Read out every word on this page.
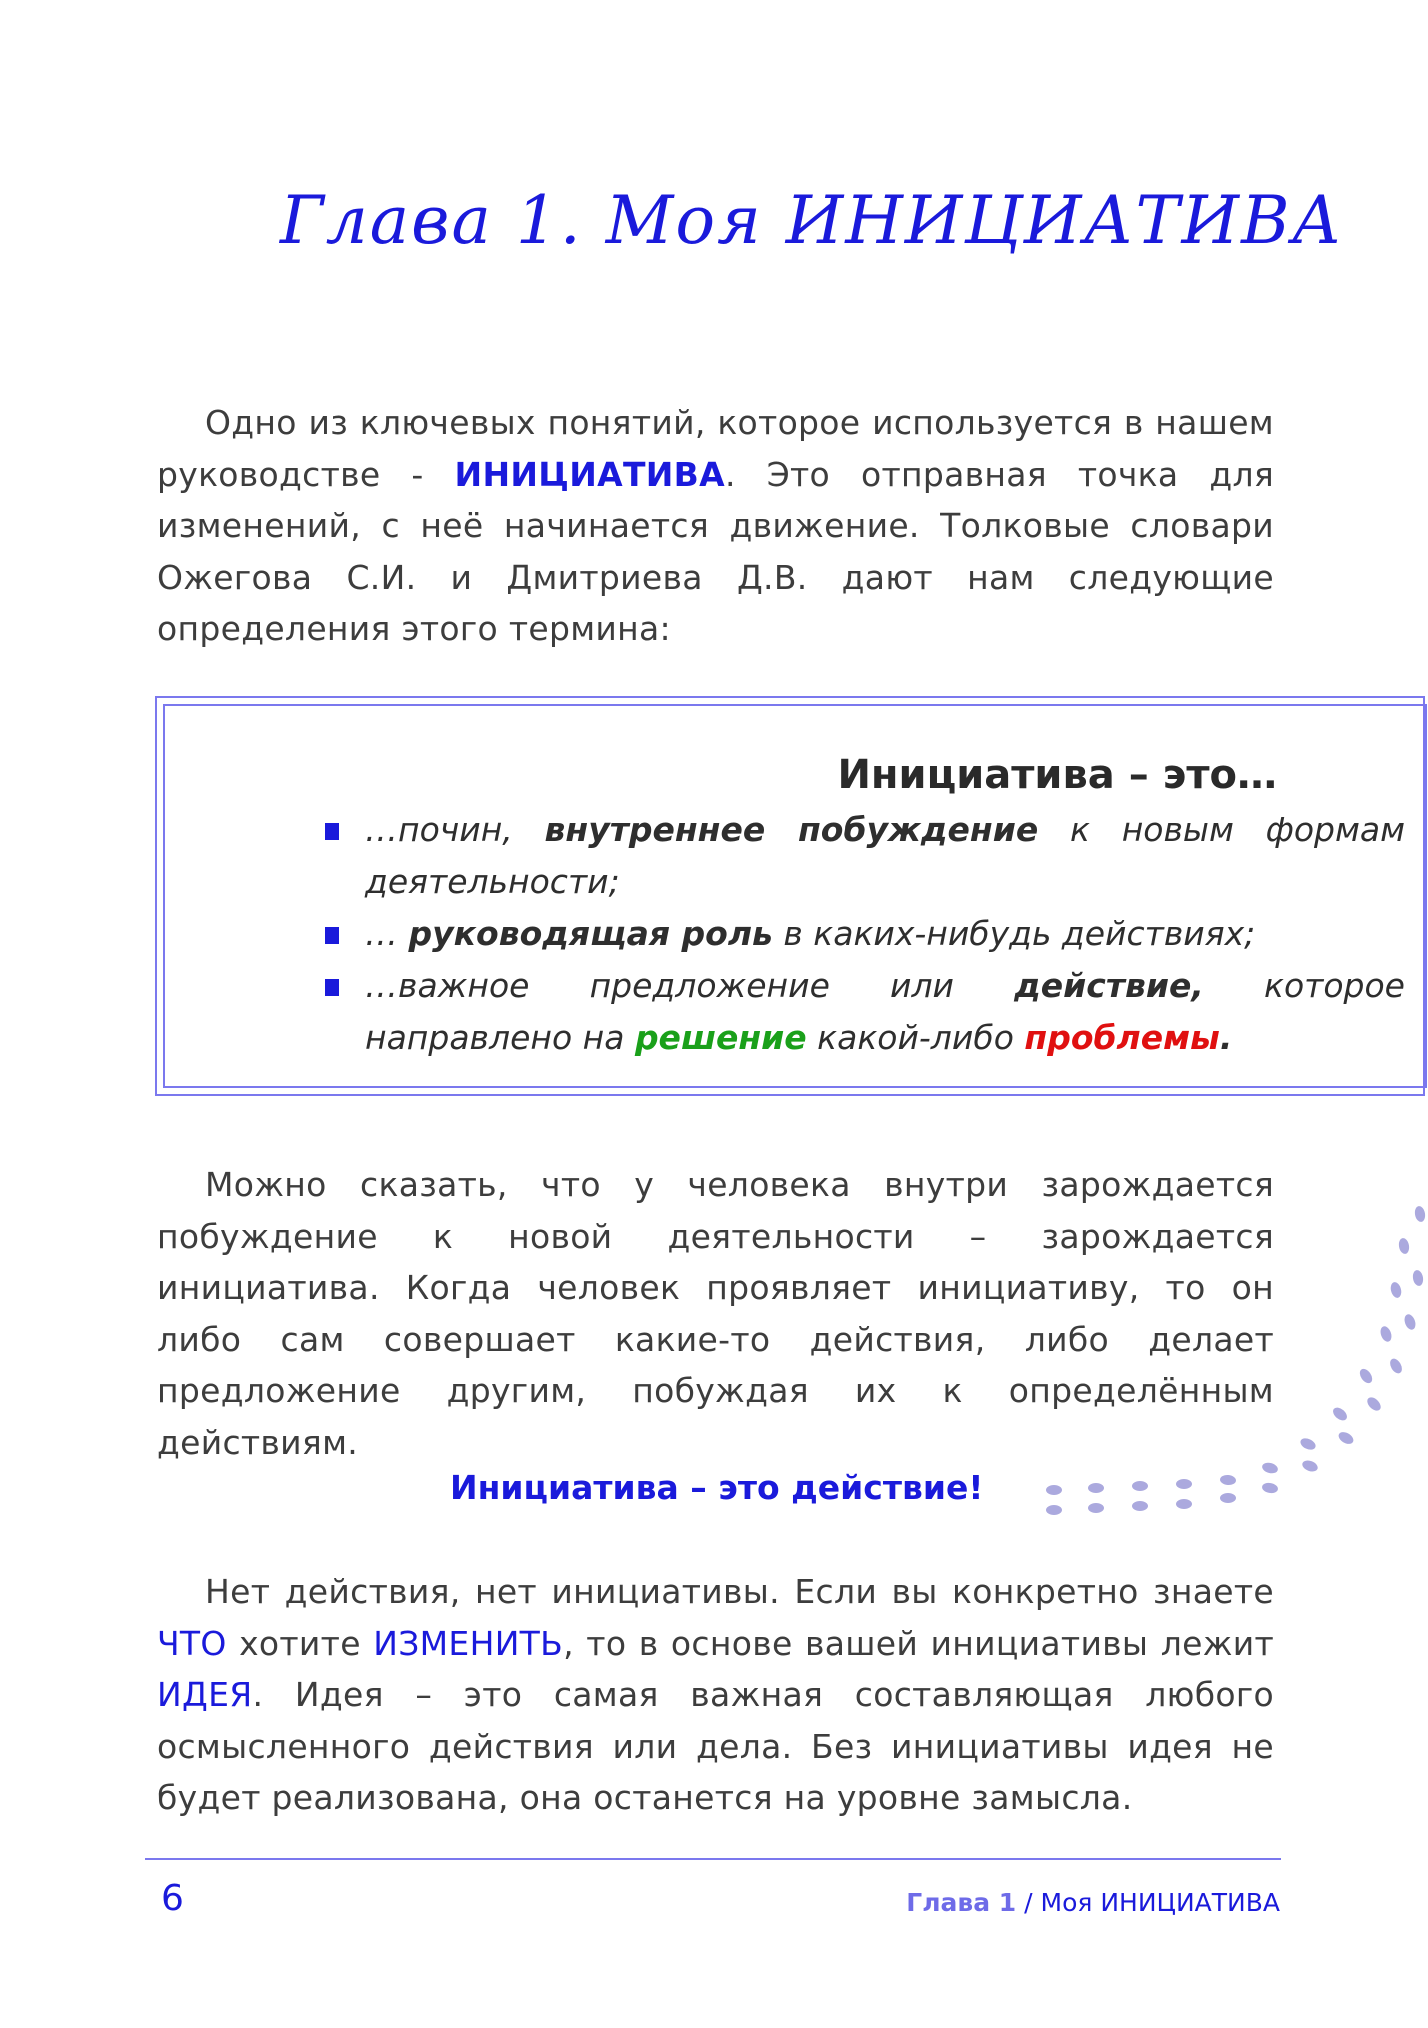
Глава 1. Моя ИНИЦИАТИВА
Одно из ключевых понятий, которое используется в нашем руководстве - ИНИЦИАТИВА. Это отправная точка для изменений, с неё начинается движение. Толковые словари Ожегова С.И. и Дмитриева Д.В. дают нам следующие определения этого термина:
Инициатива – это…
…почин, внутреннее побуждение к новым формам деятельности;
… руководящая роль в каких-нибудь действиях;
…важное предложение или действие, которое направлено на решение какой-либо проблемы.
Можно сказать, что у человека внутри зарождается побуждение к новой деятельности – зарождается инициатива. Когда человек проявляет инициативу, то он либо сам совершает какие-то действия, либо делает предложение другим, побуждая их к определённым действиям.
Инициатива – это действие!
Нет действия, нет инициативы. Если вы конкретно знаете ЧТО хотите ИЗМЕНИТЬ, то в основе вашей инициативы лежит ИДЕЯ. Идея – это самая важная составляющая любого осмысленного действия или дела. Без инициативы идея не будет реализована, она останется на уровне замысла.
6	Глава 1 / Моя ИНИЦИАТИВА
